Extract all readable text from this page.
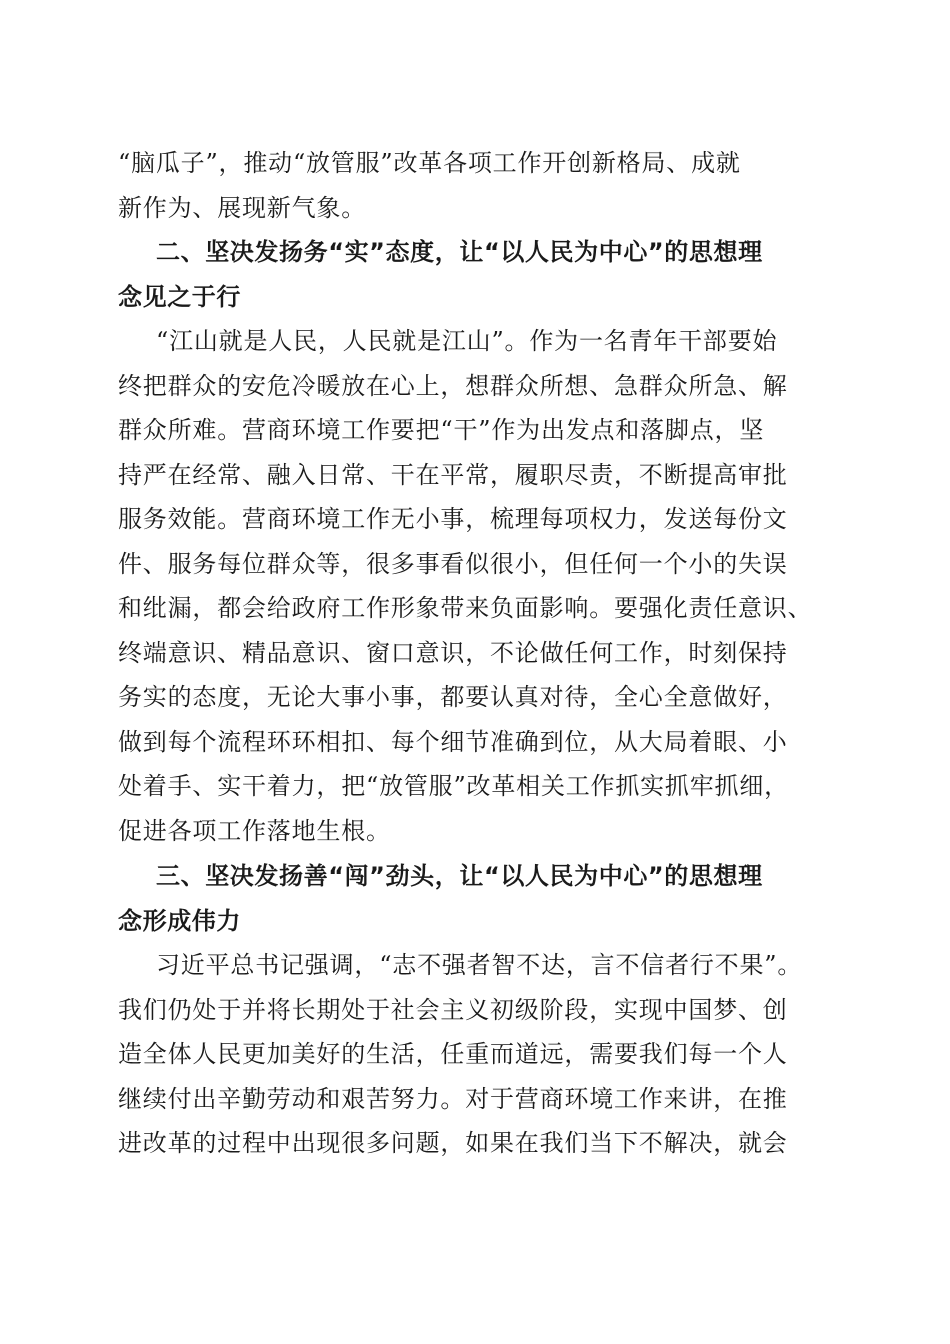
“脑瓜子”，推动“放管服”改革各项工作开创新格局、成就
新作为、展现新气象。
二、坚决发扬务“实”态度，让“以人民为中心”的思想理
念见之于行
“江山就是人民，人民就是江山”。作为一名青年干部要始
终把群众的安危冷暖放在心上，想群众所想、急群众所急、解
群众所难。营商环境工作要把“干”作为出发点和落脚点，坚
持严在经常、融入日常、干在平常，履职尽责，不断提高审批
服务效能。营商环境工作无小事，梳理每项权力，发送每份文
件、服务每位群众等，很多事看似很小，但任何一个小的失误
和纰漏，都会给政府工作形象带来负面影响。要强化责任意识、
终端意识、精品意识、窗口意识，不论做任何工作，时刻保持
务实的态度，无论大事小事，都要认真对待，全心全意做好，
做到每个流程环环相扣、每个细节准确到位，从大局着眼、小
处着手、实干着力，把“放管服”改革相关工作抓实抓牢抓细，
促进各项工作落地生根。
三、坚决发扬善“闯”劲头，让“以人民为中心”的思想理
念形成伟力
习近平总书记强调，“志不强者智不达，言不信者行不果”。
我们仍处于并将长期处于社会主义初级阶段，实现中国梦、创
造全体人民更加美好的生活，任重而道远，需要我们每一个人
继续付出辛勤劳动和艰苦努力。对于营商环境工作来讲，在推
进改革的过程中出现很多问题，如果在我们当下不解决，就会
